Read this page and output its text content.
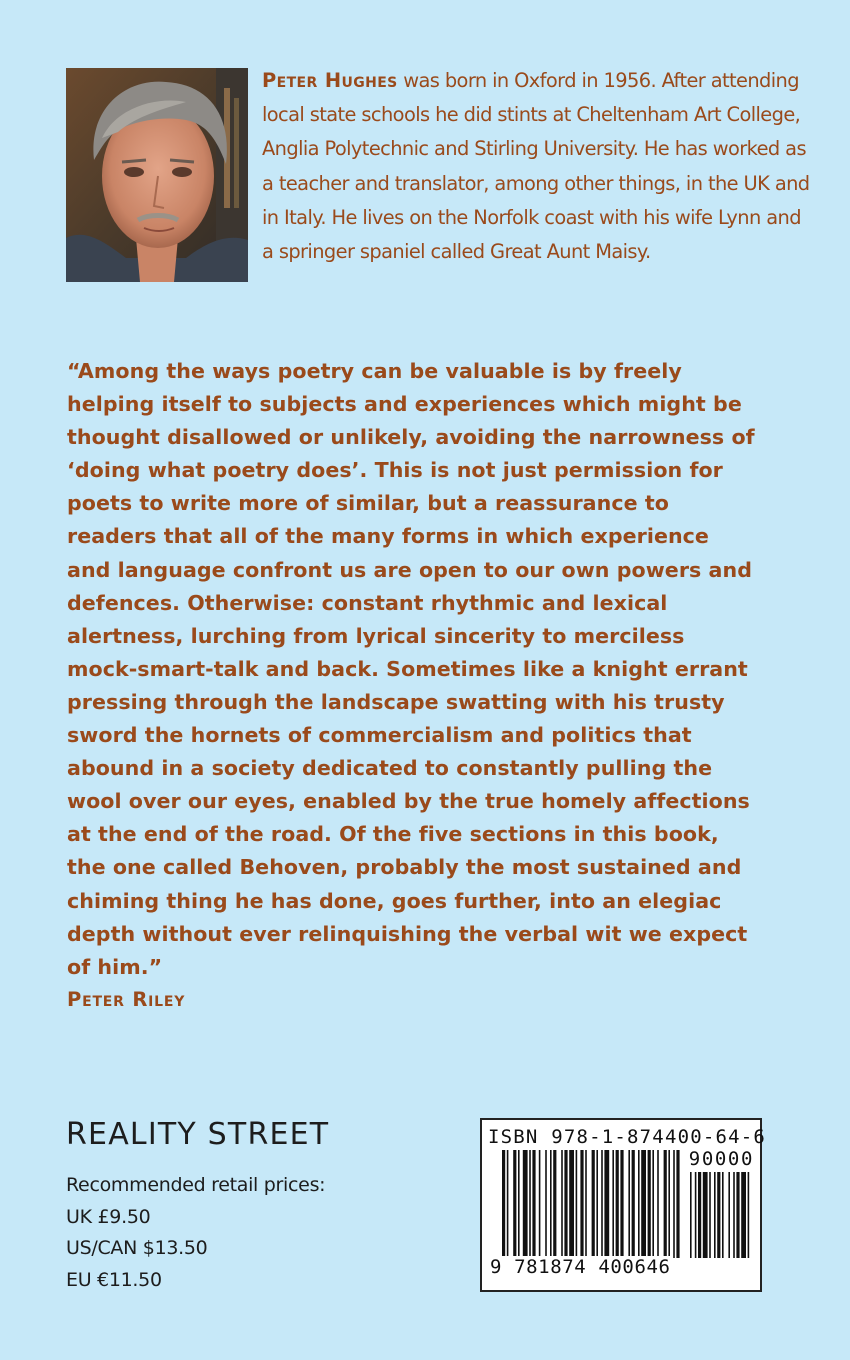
Peter Hughes was born in Oxford in 1956. After attending local state schools he did stints at Cheltenham Art College, Anglia Polytechnic and Stirling University. He has worked as a teacher and translator, among other things, in the UK and in Italy. He lives on the Norfolk coast with his wife Lynn and a springer spaniel called Great Aunt Maisy.
“Among the ways poetry can be valuable is by freely helping itself to subjects and experiences which might be thought disallowed or unlikely, avoiding the narrowness of ‘doing what poetry does’. This is not just permission for poets to write more of similar, but a reassurance to readers that all of the many forms in which experience and language confront us are open to our own powers and defences. Otherwise: constant rhythmic and lexical alertness, lurching from lyrical sincerity to merciless mock-smart-talk and back. Sometimes like a knight errant pressing through the landscape swatting with his trusty sword the hornets of commercialism and politics that abound in a society dedicated to constantly pulling the wool over our eyes, enabled by the true homely affections at the end of the road. Of the five sections in this book, the one called Behoven, probably the most sustained and chiming thing he has done, goes further, into an elegiac depth without ever relinquishing the verbal wit we expect of him.”
Peter Riley
REALITY STREET
Recommended retail prices:
UK £9.50
US/CAN $13.50
EU €11.50
ISBN 978-1-874400-64-6
90000
9 781874 400646
